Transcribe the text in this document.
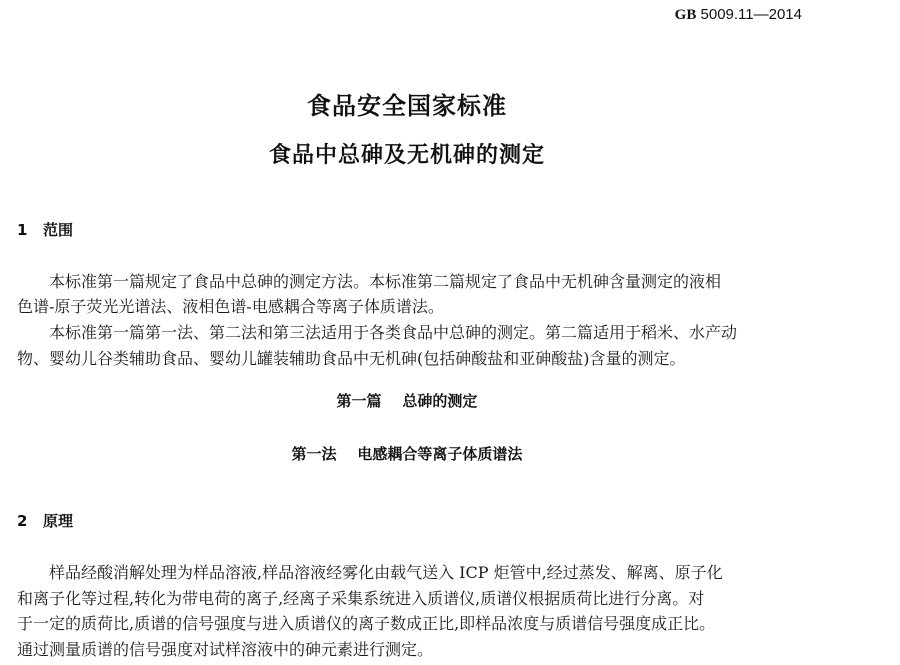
GB 5009.11—2014
食品安全国家标准
食品中总砷及无机砷的测定
1 范围
本标准第一篇规定了食品中总砷的测定方法。本标准第二篇规定了食品中无机砷含量测定的液相
色谱-原子荧光光谱法、液相色谱-电感耦合等离子体质谱法。
本标准第一篇第一法、第二法和第三法适用于各类食品中总砷的测定。第二篇适用于稻米、水产动
物、婴幼儿谷类辅助食品、婴幼儿罐装辅助食品中无机砷(包括砷酸盐和亚砷酸盐)含量的测定。
第一篇    总砷的测定
第一法    电感耦合等离子体质谱法
2 原理
样品经酸消解处理为样品溶液,样品溶液经雾化由载气送入 ICP 炬管中,经过蒸发、解离、原子化
和离子化等过程,转化为带电荷的离子,经离子采集系统进入质谱仪,质谱仪根据质荷比进行分离。对
于一定的质荷比,质谱的信号强度与进入质谱仪的离子数成正比,即样品浓度与质谱信号强度成正比。
通过测量质谱的信号强度对试样溶液中的砷元素进行测定。
